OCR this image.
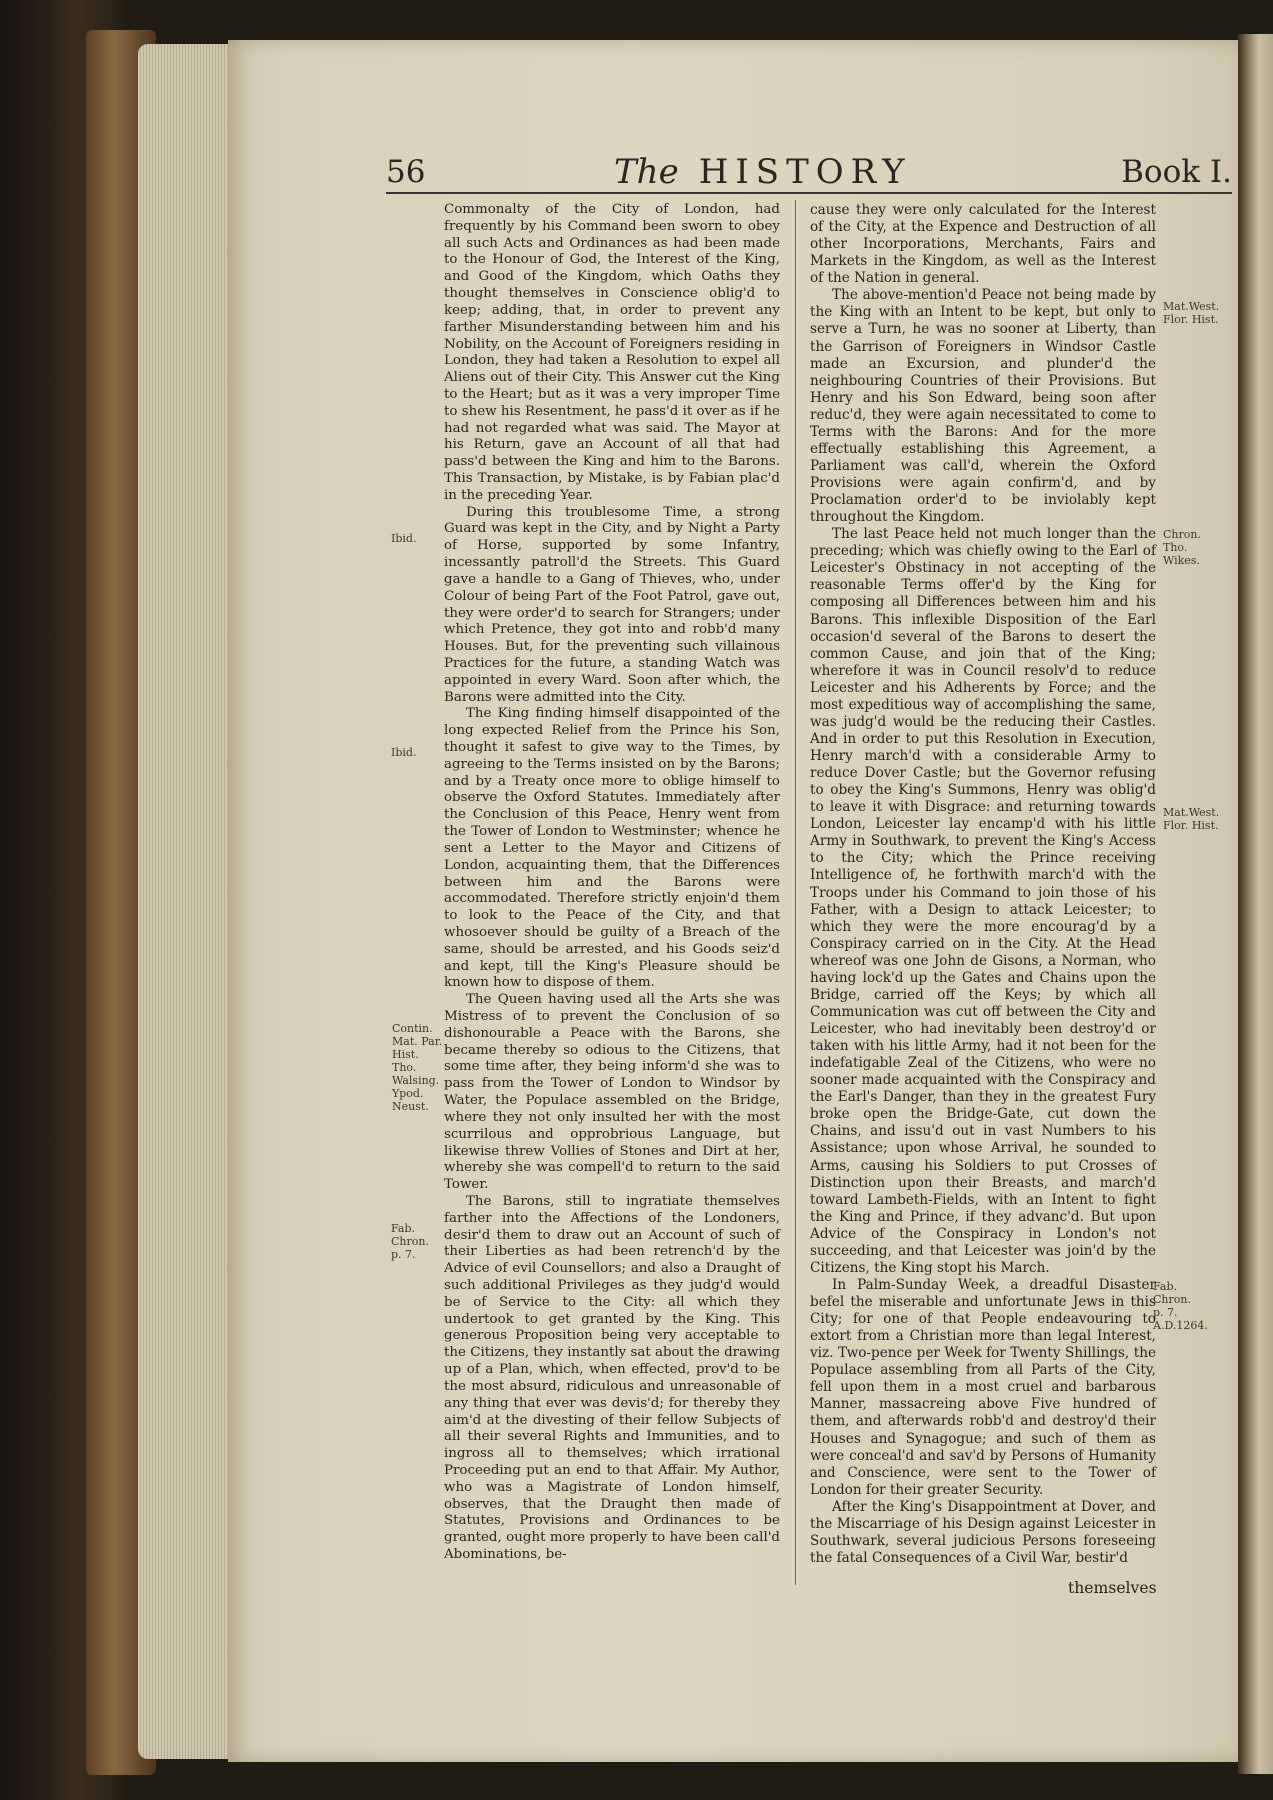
56	The HISTORY	Book I.
Ibid.
Ibid.
Contin.
Mat. Par.
Hist.
Tho.
Walsing.
Ypod.
Neust.
Fab.
Chron.
p. 7.
Mat.West.
Flor. Hist.
Chron.
Tho.
Wikes.
Mat.West.
Flor. Hist.
Fab.
Chron.
p. 7.
A.D.1264.

Commonalty of the City of London, had frequently by his Command been sworn to obey all such Acts and Ordinances as had been made to the Honour of God, the Interest of the King, and Good of the Kingdom, which Oaths they thought themselves in Conscience oblig'd to keep; adding, that, in order to prevent any farther Misunderstanding between him and his Nobility, on the Account of Foreigners residing in London, they had taken a Resolution to expel all Aliens out of their City. This Answer cut the King to the Heart; but as it was a very improper Time to shew his Resentment, he pass'd it over as if he had not regarded what was said. The Mayor at his Return, gave an Account of all that had pass'd between the King and him to the Barons. This Transaction, by Mistake, is by Fabian plac'd in the preceding Year.

During this troublesome Time, a strong Guard was kept in the City, and by Night a Party of Horse, supported by some Infantry, incessantly patroll'd the Streets. This Guard gave a handle to a Gang of Thieves, who, under Colour of being Part of the Foot Patrol, gave out, they were order'd to search for Strangers; under which Pretence, they got into and robb'd many Houses. But, for the preventing such villainous Practices for the future, a standing Watch was appointed in every Ward. Soon after which, the Barons were admitted into the City.

The King finding himself disappointed of the long expected Relief from the Prince his Son, thought it safest to give way to the Times, by agreeing to the Terms insisted on by the Barons; and by a Treaty once more to oblige himself to observe the Oxford Statutes. Immediately after the Conclusion of this Peace, Henry went from the Tower of London to Westminster; whence he sent a Letter to the Mayor and Citizens of London, acquainting them, that the Differences between him and the Barons were accommodated. Therefore strictly enjoin'd them to look to the Peace of the City, and that whosoever should be guilty of a Breach of the same, should be arrested, and his Goods seiz'd and kept, till the King's Pleasure should be known how to dispose of them.

The Queen having used all the Arts she was Mistress of to prevent the Conclusion of so dishonourable a Peace with the Barons, she became thereby so odious to the Citizens, that some time after, they being inform'd she was to pass from the Tower of London to Windsor by Water, the Populace assembled on the Bridge, where they not only insulted her with the most scurrilous and opprobrious Language, but likewise threw Vollies of Stones and Dirt at her, whereby she was compell'd to return to the said Tower.

The Barons, still to ingratiate themselves farther into the Affections of the Londoners, desir'd them to draw out an Account of such of their Liberties as had been retrench'd by the Advice of evil Counsellors; and also a Draught of such additional Privileges as they judg'd would be of Service to the City: all which they undertook to get granted by the King. This generous Proposition being very acceptable to the Citizens, they instantly sat about the drawing up of a Plan, which, when effected, prov'd to be the most absurd, ridiculous and unreasonable of any thing that ever was devis'd; for thereby they aim'd at the divesting of their fellow Subjects of all their several Rights and Immunities, and to ingross all to themselves; which irrational Proceeding put an end to that Affair. My Author, who was a Magistrate of London himself, observes, that the Draught then made of Statutes, Provisions and Ordinances to be granted, ought more properly to have been call'd Abominations, be-

cause they were only calculated for the Interest of the City, at the Expence and Destruction of all other Incorporations, Merchants, Fairs and Markets in the Kingdom, as well as the Interest of the Nation in general.

The above-mention'd Peace not being made by the King with an Intent to be kept, but only to serve a Turn, he was no sooner at Liberty, than the Garrison of Foreigners in Windsor Castle made an Excursion, and plunder'd the neighbouring Countries of their Provisions. But Henry and his Son Edward, being soon after reduc'd, they were again necessitated to come to Terms with the Barons: And for the more effectually establishing this Agreement, a Parliament was call'd, wherein the Oxford Provisions were again confirm'd, and by Proclamation order'd to be inviolably kept throughout the Kingdom.

The last Peace held not much longer than the preceding; which was chiefly owing to the Earl of Leicester's Obstinacy in not accepting of the reasonable Terms offer'd by the King for composing all Differences between him and his Barons. This inflexible Disposition of the Earl occasion'd several of the Barons to desert the common Cause, and join that of the King; wherefore it was in Council resolv'd to reduce Leicester and his Adherents by Force; and the most expeditious way of accomplishing the same, was judg'd would be the reducing their Castles. And in order to put this Resolution in Execution, Henry march'd with a considerable Army to reduce Dover Castle; but the Governor refusing to obey the King's Summons, Henry was oblig'd to leave it with Disgrace: and returning towards London, Leicester lay encamp'd with his little Army in Southwark, to prevent the King's Access to the City; which the Prince receiving Intelligence of, he forthwith march'd with the Troops under his Command to join those of his Father, with a Design to attack Leicester; to which they were the more encourag'd by a Conspiracy carried on in the City. At the Head whereof was one John de Gisons, a Norman, who having lock'd up the Gates and Chains upon the Bridge, carried off the Keys; by which all Communication was cut off between the City and Leicester, who had inevitably been destroy'd or taken with his little Army, had it not been for the indefatigable Zeal of the Citizens, who were no sooner made acquainted with the Conspiracy and the Earl's Danger, than they in the greatest Fury broke open the Bridge-Gate, cut down the Chains, and issu'd out in vast Numbers to his Assistance; upon whose Arrival, he sounded to Arms, causing his Soldiers to put Crosses of Distinction upon their Breasts, and march'd toward Lambeth-Fields, with an Intent to fight the King and Prince, if they advanc'd. But upon Advice of the Conspiracy in London's not succeeding, and that Leicester was join'd by the Citizens, the King stopt his March.

In Palm-Sunday Week, a dreadful Disaster befel the miserable and unfortunate Jews in this City; for one of that People endeavouring to extort from a Christian more than legal Interest, viz. Two-pence per Week for Twenty Shillings, the Populace assembling from all Parts of the City, fell upon them in a most cruel and barbarous Manner, massacreing above Five hundred of them, and afterwards robb'd and destroy'd their Houses and Synagogue; and such of them as were conceal'd and sav'd by Persons of Humanity and Conscience, were sent to the Tower of London for their greater Security.

After the King's Disappointment at Dover, and the Miscarriage of his Design against Leicester in Southwark, several judicious Persons foreseeing the fatal Consequences of a Civil War, bestir'd

themselves
